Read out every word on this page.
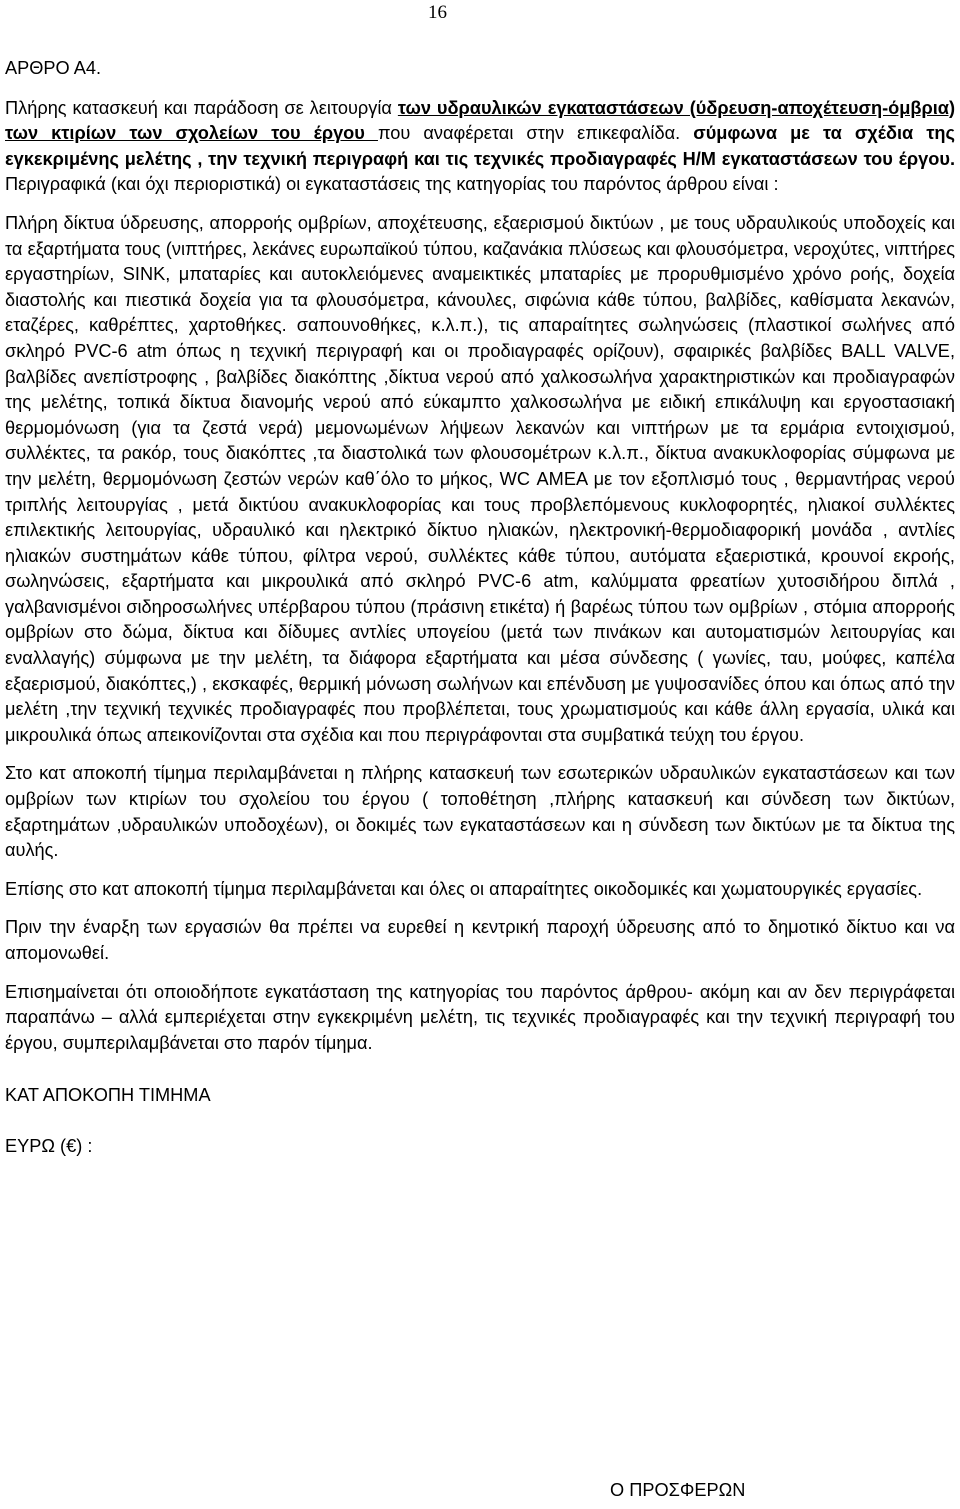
16
ΑΡΘΡΟ Α4.

Πλήρης κατασκευή και παράδοση σε λειτουργία των υδραυλικών εγκαταστάσεων (ύδρευση-αποχέτευση-όμβρια) των κτιρίων των σχολείων του έργου που αναφέρεται στην επικεφαλίδα. σύμφωνα με τα σχέδια της εγκεκριμένης μελέτης , την τεχνική περιγραφή και τις τεχνικές προδιαγραφές Η/Μ εγκαταστάσεων του έργου. Περιγραφικά (και όχι περιοριστικά) οι εγκαταστάσεις της κατηγορίας του παρόντος άρθρου είναι :

Πλήρη δίκτυα ύδρευσης, απορροής ομβρίων, αποχέτευσης, εξαερισμού δικτύων , με τους υδραυλικούς υποδοχείς και τα εξαρτήματα τους (νιπτήρες, λεκάνες ευρωπαϊκού τύπου, καζανάκια πλύσεως και φλουσόμετρα, νεροχύτες, νιπτήρες εργαστηρίων, SINK, μπαταρίες και αυτοκλειόμενες αναμεικτικές μπαταρίες με προρυθμισμένο χρόνο ροής, δοχεία διαστολής και πιεστικά δοχεία για τα φλουσόμετρα, κάνουλες, σιφώνια κάθε τύπου, βαλβίδες, καθίσματα λεκανών, εταζέρες, καθρέπτες, χαρτοθήκες. σαπουνοθήκες, κ.λ.π.), τις απαραίτητες σωληνώσεις (πλαστικοί σωλήνες από σκληρό PVC-6 atm όπως η τεχνική περιγραφή και οι προδιαγραφές ορίζουν), σφαιρικές βαλβίδες BALL VALVE, βαλβίδες ανεπίστροφης , βαλβίδες διακόπτης ,δίκτυα νερού από χαλκοσωλήνα χαρακτηριστικών και προδιαγραφών της μελέτης, τοπικά δίκτυα διανομής νερού από εύκαμπτο χαλκοσωλήνα με ειδική επικάλυψη και εργοστασιακή θερμομόνωση (για τα ζεστά νερά) μεμονωμένων λήψεων λεκανών και νιπτήρων με τα ερμάρια εντοιχισμού, συλλέκτες, τα ρακόρ, τους διακόπτες ,τα διαστολικά των φλουσομέτρων κ.λ.π., δίκτυα ανακυκλοφορίας σύμφωνα με την μελέτη, θερμομόνωση ζεστών νερών καθ΄όλο το μήκος, WC ΑΜΕΑ με τον εξοπλισμό τους , θερμαντήρας νερού τριπλής λειτουργίας , μετά δικτύου ανακυκλοφορίας και τους προβλεπόμενους κυκλοφορητές, ηλιακοί συλλέκτες επιλεκτικής λειτουργίας, υδραυλικό και ηλεκτρικό δίκτυο ηλιακών, ηλεκτρονική-θερμοδιαφορική μονάδα , αντλίες ηλιακών συστημάτων κάθε τύπου, φίλτρα νερού, συλλέκτες κάθε τύπου, αυτόματα εξαεριστικά, κρουνοί εκροής, σωληνώσεις, εξαρτήματα και μικρουλικά από σκληρό PVC-6 atm, καλύμματα φρεατίων χυτοσιδήρου διπλά , γαλβανισμένοι σιδηροσωλήνες υπέρβαρου τύπου (πράσινη ετικέτα) ή βαρέως τύπου των ομβρίων , στόμια απορροής ομβρίων στο δώμα, δίκτυα και δίδυμες αντλίες υπογείου (μετά των πινάκων και αυτοματισμών λειτουργίας και εναλλαγής) σύμφωνα με την μελέτη, τα διάφορα εξαρτήματα και μέσα σύνδεσης ( γωνίες, ταυ, μούφες, καπέλα εξαερισμού, διακόπτες,) , εκσκαφές, θερμική μόνωση σωλήνων και επένδυση με γυψοσανίδες όπου και όπως από την μελέτη ,την τεχνική τεχνικές προδιαγραφές που προβλέπεται, τους χρωματισμούς και κάθε άλλη εργασία, υλικά και μικρουλικά όπως απεικονίζονται στα σχέδια και που περιγράφονται στα συμβατικά τεύχη του έργου.

Στο κατ αποκοπή τίμημα περιλαμβάνεται η πλήρης κατασκευή των εσωτερικών υδραυλικών εγκαταστάσεων και των ομβρίων των κτιρίων του σχολείου του έργου ( τοποθέτηση ,πλήρης κατασκευή και σύνδεση των δικτύων, εξαρτημάτων ,υδραυλικών υποδοχέων), οι δοκιμές των εγκαταστάσεων και η σύνδεση των δικτύων με τα δίκτυα της αυλής.

Επίσης στο κατ αποκοπή τίμημα περιλαμβάνεται και όλες οι απαραίτητες οικοδομικές και χωματουργικές εργασίες.

Πριν την έναρξη των εργασιών θα πρέπει να ευρεθεί η κεντρική παροχή ύδρευσης από το δημοτικό δίκτυο και να απομονωθεί.

Επισημαίνεται ότι οποιοδήποτε εγκατάσταση της κατηγορίας του παρόντος άρθρου- ακόμη και αν δεν περιγράφεται παραπάνω – αλλά εμπεριέχεται στην εγκεκριμένη μελέτη, τις τεχνικές προδιαγραφές και την τεχνική περιγραφή του έργου, συμπεριλαμβάνεται στο παρόν τίμημα.

ΚΑΤ ΑΠΟΚΟΠΗ ΤΙΜΗΜΑ
ΕΥΡΩ (€) :
Ο ΠΡΟΣΦΕΡΩΝ
